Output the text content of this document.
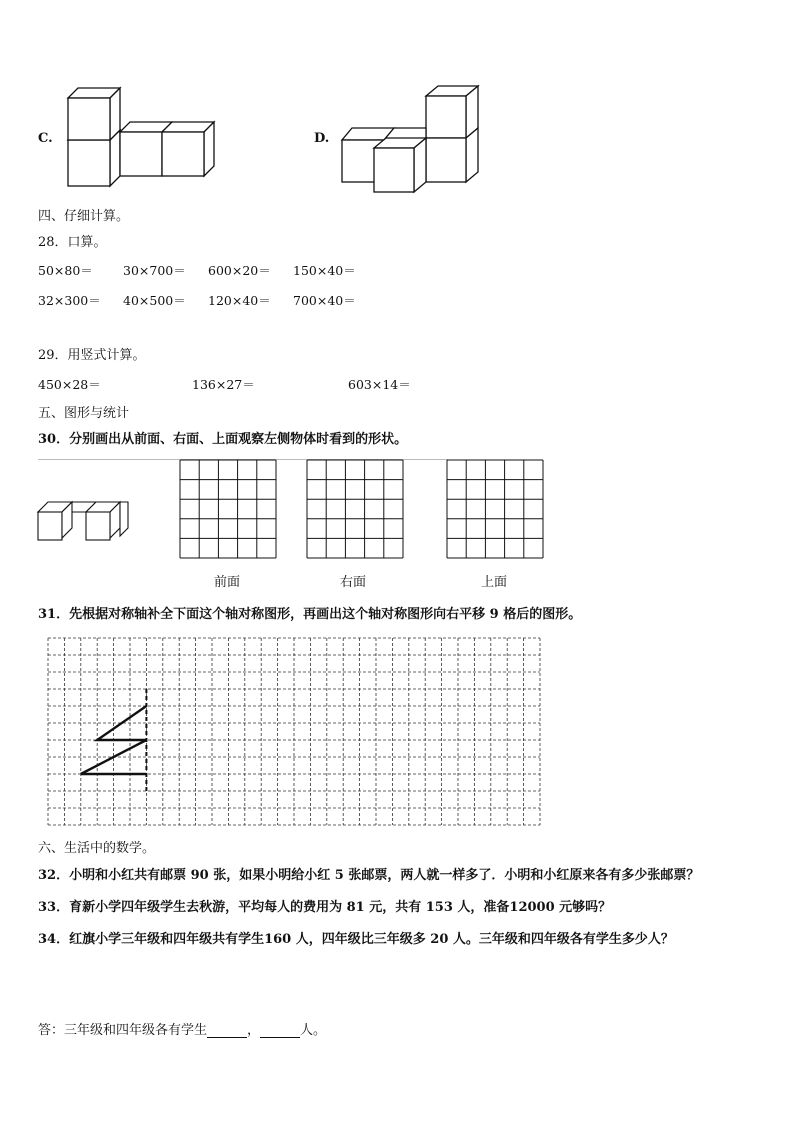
C.	D.
四、仔细计算。
28．口算。
50×80＝ 30×700＝ 600×20＝ 150×40＝
32×300＝ 40×500＝ 120×40＝ 700×40＝
29．用竖式计算。
450×28＝	136×27＝	603×14＝
五、图形与统计
30．分别画出从前面、右面、上面观察左侧物体时看到的形状。
前面	右面	上面
31．先根据对称轴补全下面这个轴对称图形，再画出这个轴对称图形向右平移 9 格后的图形。
六、生活中的数学。
32．小明和小红共有邮票 90 张，如果小明给小红 5 张邮票，两人就一样多了．小明和小红原来各有多少张邮票？
33．育新小学四年级学生去秋游，平均每人的费用为 81 元，共有 153 人，准备12000 元够吗？
34．红旗小学三年级和四年级共有学生160 人，四年级比三年级多 20 人。三年级和四年级各有学生多少人？
答：三年级和四年级各有学生	，	人。
